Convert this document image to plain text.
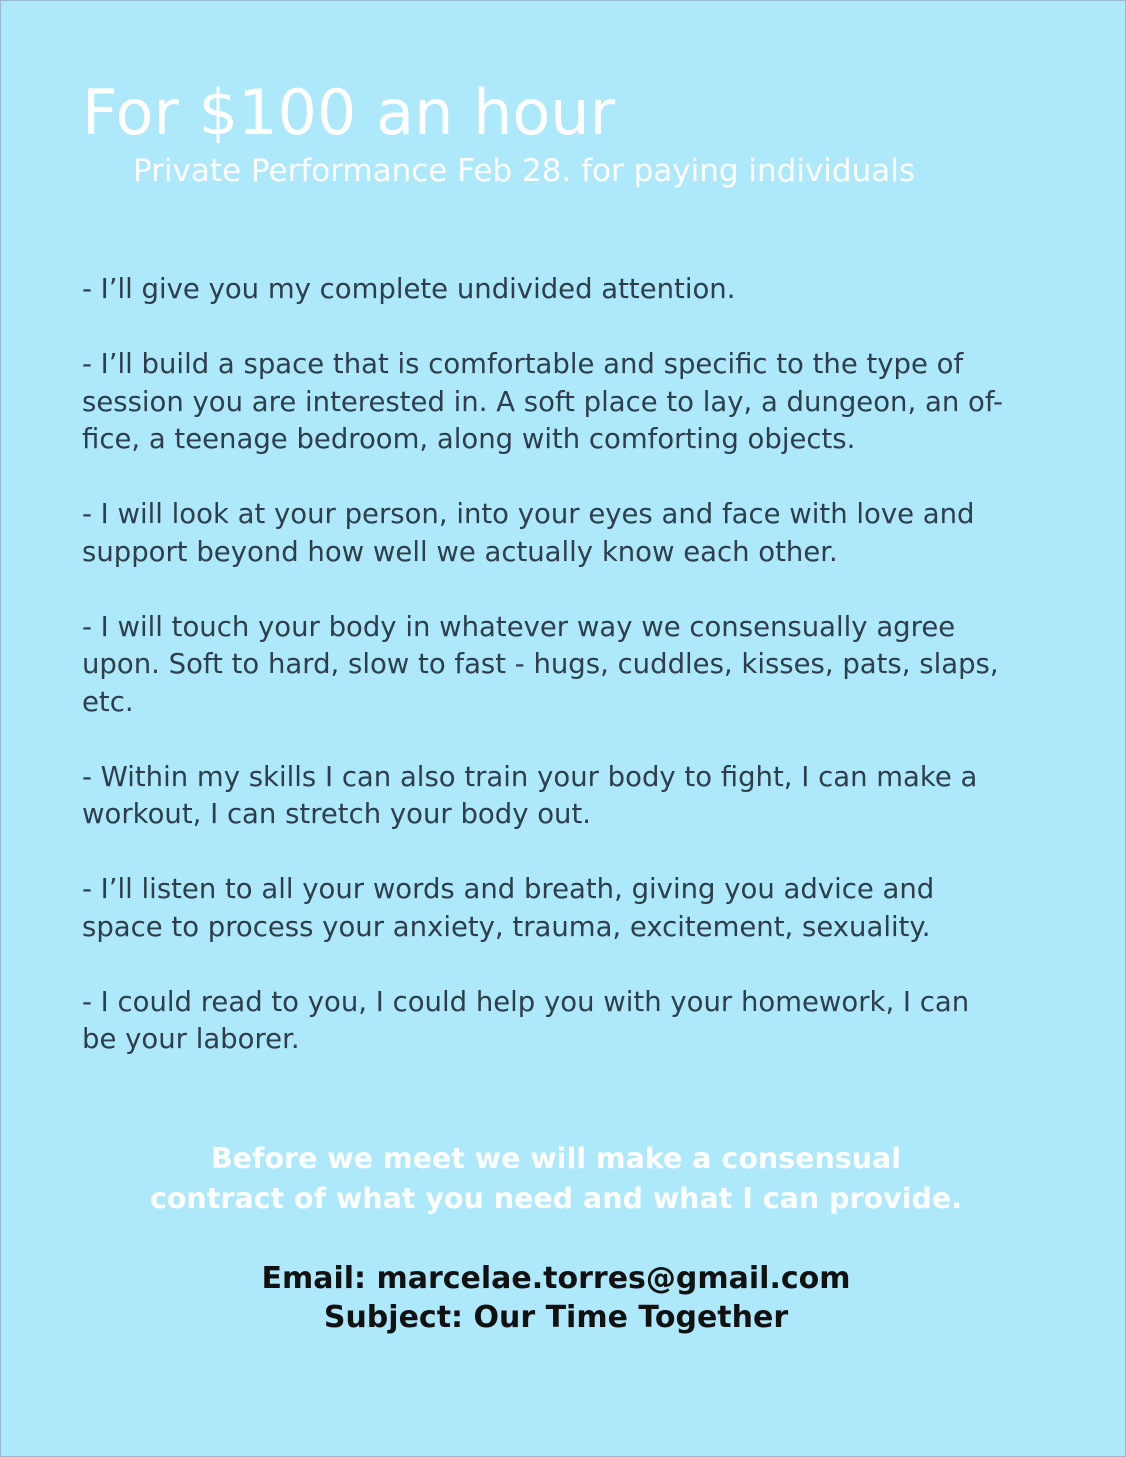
For $100 an hour

Private Performance Feb 28. for paying individuals

- I’ll give you my complete undivided attention.
- I’ll build a space that is comfortable and specific to the type of
session you are interested in. A soft place to lay, a dungeon, an of-
fice, a teenage bedroom, along with comforting objects.
- I will look at your person, into your eyes and face with love and
support beyond how well we actually know each other.
- I will touch your body in whatever way we consensually agree
upon. Soft to hard, slow to fast - hugs, cuddles, kisses, pats, slaps,
etc.
- Within my skills I can also train your body to fight, I can make a
workout, I can stretch your body out.
- I’ll listen to all your words and breath, giving you advice and
space to process your anxiety, trauma, excitement, sexuality.
- I could read to you, I could help you with your homework, I can
be your laborer.

Before we meet we will make a consensual
contract of what you need and what I can provide.

Email: marcelae.torres@gmail.com
Subject: Our Time Together
